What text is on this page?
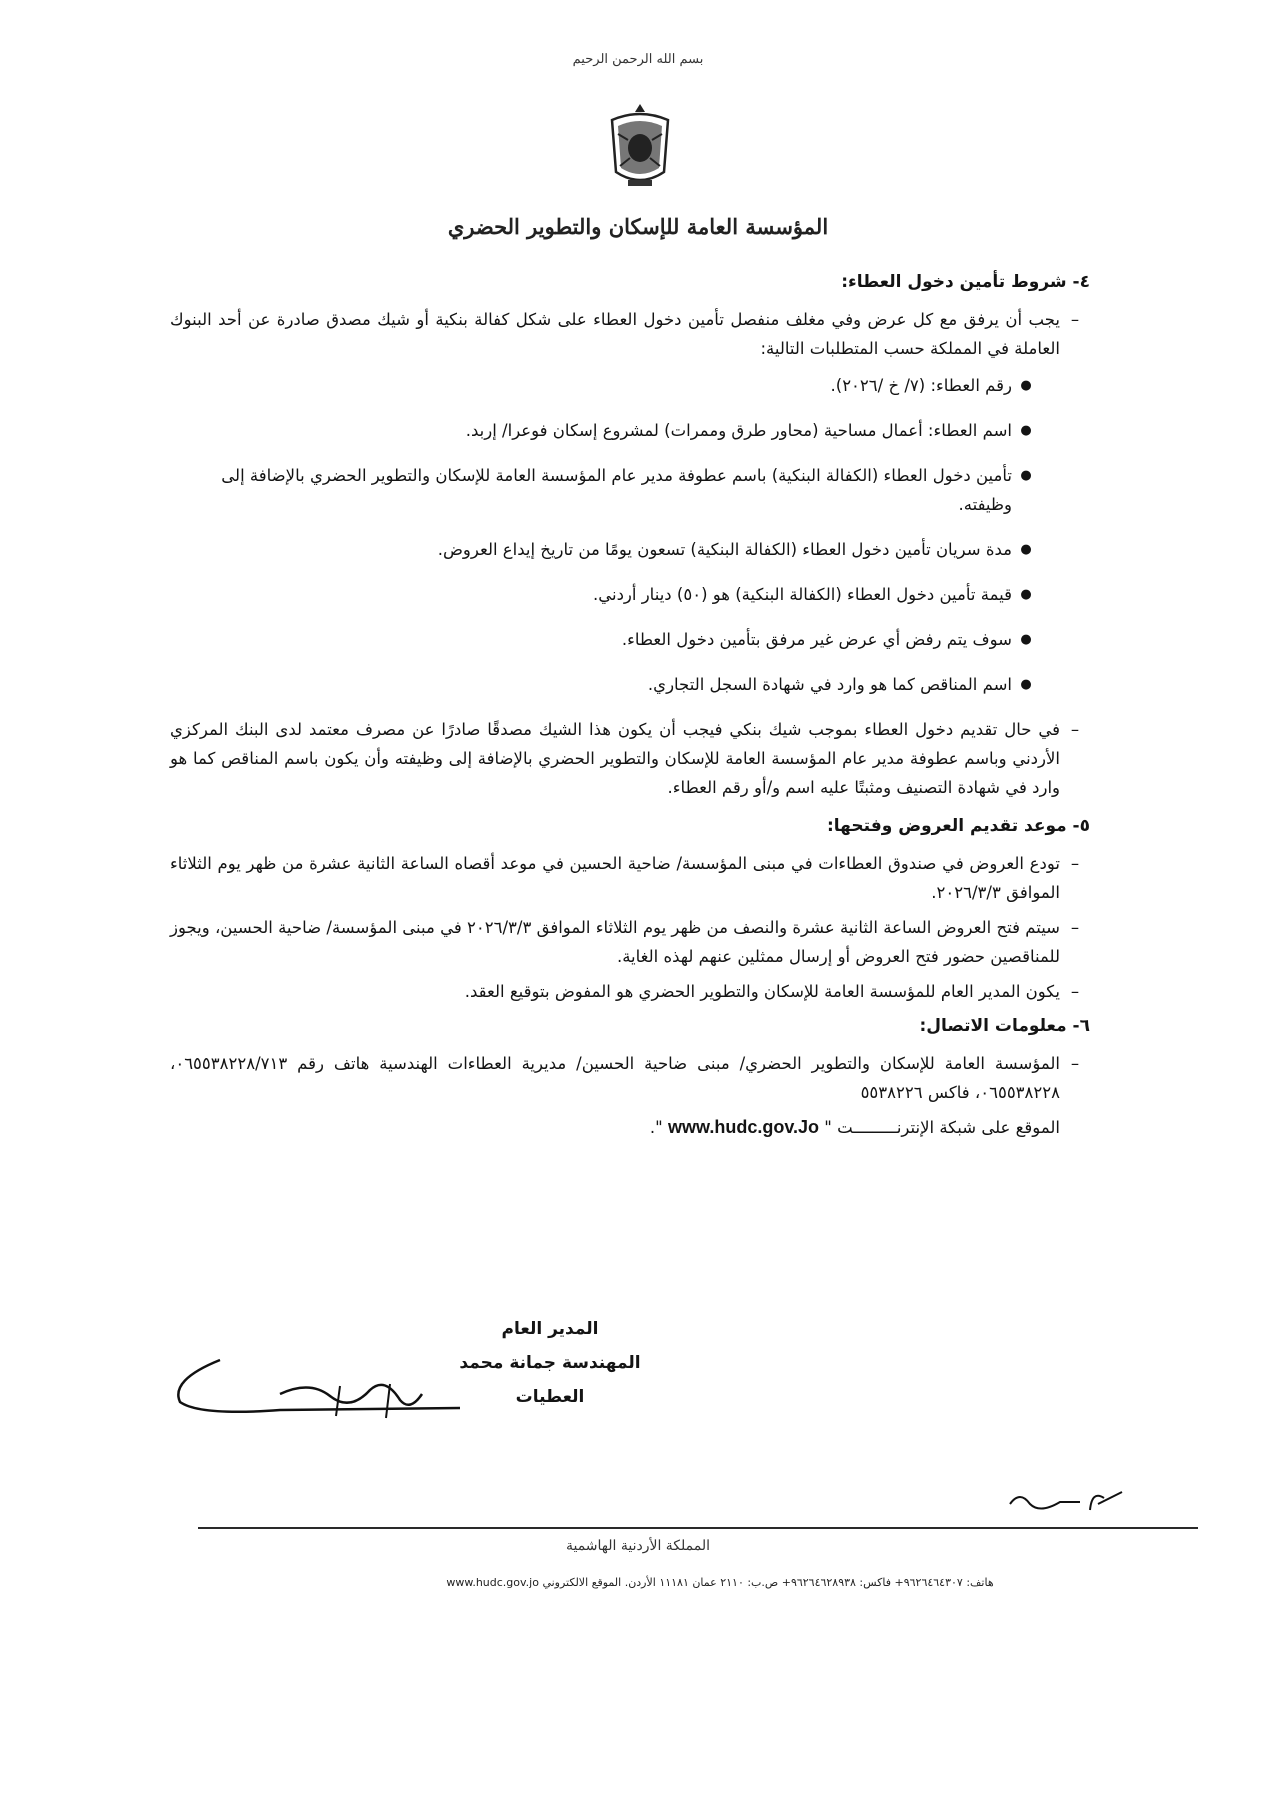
بسم الله الرحمن الرحيم
المؤسسة العامة للإسكان والتطوير الحضري
٤- شروط تأمين دخول العطاء:
–
يجب أن يرفق مع كل عرض وفي مغلف منفصل تأمين دخول العطاء على شكل كفالة بنكية أو شيك مصدق صادرة عن أحد البنوك العاملة في المملكة حسب المتطلبات التالية:
●
رقم العطاء: (٧/ خ /٢٠٢٦).
●
اسم العطاء: أعمال مساحية (محاور طرق وممرات) لمشروع إسكان فوعرا/ إربد.
●
تأمين دخول العطاء (الكفالة البنكية) باسم عطوفة مدير عام المؤسسة العامة للإسكان والتطوير الحضري بالإضافة إلى وظيفته.
●
مدة سريان تأمين دخول العطاء (الكفالة البنكية) تسعون يومًا من تاريخ إيداع العروض.
●
قيمة تأمين دخول العطاء (الكفالة البنكية) هو (٥٠) دينار أردني.
●
سوف يتم رفض أي عرض غير مرفق بتأمين دخول العطاء.
●
اسم المناقص كما هو وارد في شهادة السجل التجاري.
–
في حال تقديم دخول العطاء بموجب شيك بنكي فيجب أن يكون هذا الشيك مصدقًا صادرًا عن مصرف معتمد لدى البنك المركزي الأردني وباسم عطوفة مدير عام المؤسسة العامة للإسكان والتطوير الحضري بالإضافة إلى وظيفته وأن يكون باسم المناقص كما هو وارد في شهادة التصنيف ومثبتًا عليه اسم و/أو رقم العطاء.
٥- موعد تقديم العروض وفتحها:
–
تودع العروض في صندوق العطاءات في مبنى المؤسسة/ ضاحية الحسين في موعد أقصاه الساعة الثانية عشرة من ظهر يوم الثلاثاء الموافق ٢٠٢٦/٣/٣.
–
سيتم فتح العروض الساعة الثانية عشرة والنصف من ظهر يوم الثلاثاء الموافق ٢٠٢٦/٣/٣ في مبنى المؤسسة/ ضاحية الحسين، ويجوز للمناقصين حضور فتح العروض أو إرسال ممثلين عنهم لهذه الغاية.
–
يكون المدير العام للمؤسسة العامة للإسكان والتطوير الحضري هو المفوض بتوقيع العقد.
٦- معلومات الاتصال:
–
المؤسسة العامة للإسكان والتطوير الحضري/ مبنى ضاحية الحسين/ مديرية العطاءات الهندسية هاتف رقم ٠٦٥٥٣٨٢٢٨/٧١٣، ٠٦٥٥٣٨٢٢٨، فاكس ٥٥٣٨٢٢٦
الموقع على شبكة الإنترنـــــــــت " www.hudc.gov.Jo ".
المدير العام
المهندسة جمانة محمد العطيات
المملكة الأردنية الهاشمية
هاتف: ٩٦٢٦٤٦٤٣٠٧+ فاكس: ٩٦٢٦٤٦٢٨٩٣٨+ ص.ب: ٢١١٠ عمان ١١١٨١ الأردن. الموقع الالكتروني www.hudc.gov.jo
